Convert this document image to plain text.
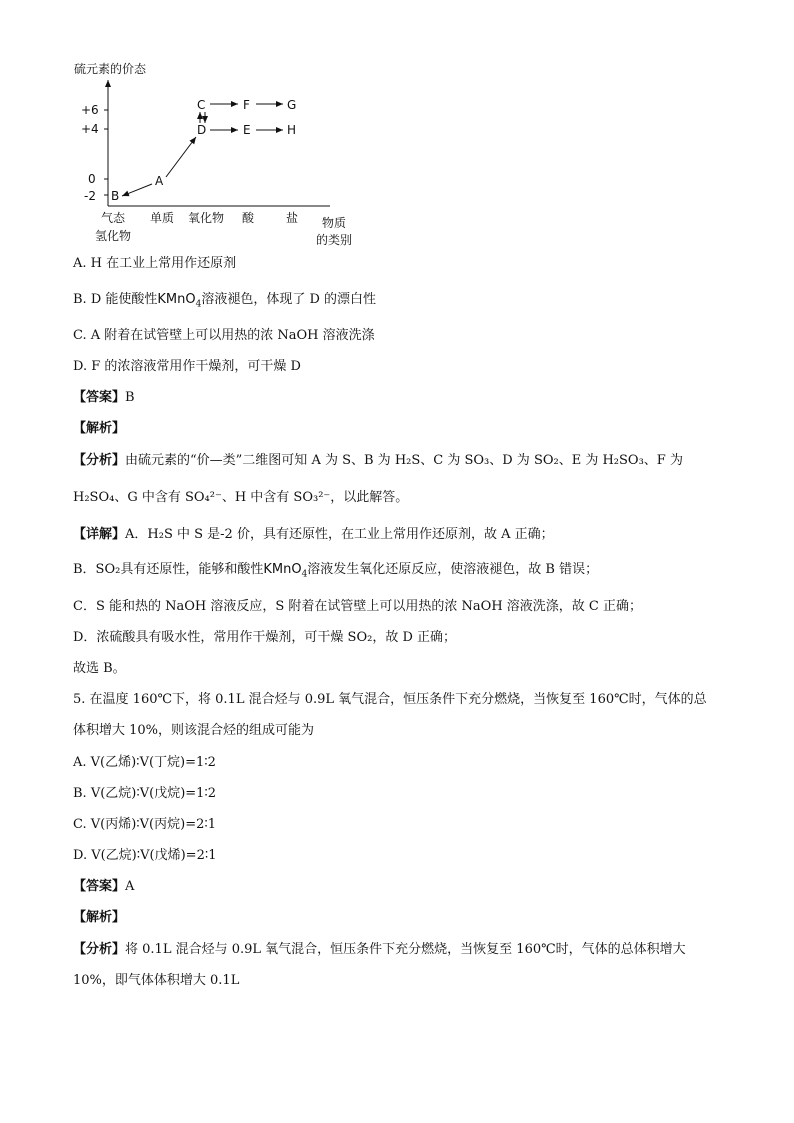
硫元素的价态
+6
+4
0
-2
气态
氢化物
单质 氧化物 酸	盐 物质
的类别
C	F	G
D	E	H
A
B
A. H 在工业上常用作还原剂
B. D 能使酸性KMnO$_4$溶液褪色，体现了 D 的漂白性
C. A 附着在试管壁上可以用热的浓 NaOH 溶液洗涤
D. F 的浓溶液常用作干燥剂，可干燥 D
【答案】B
【解析】
【分析】由硫元素的“价—类”二维图可知 A 为 S、B 为 H₂S、C 为 SO₃、D 为 SO₂、E 为 H₂SO₃、F 为
H₂SO₄、G 中含有 SO₄²⁻、H 中含有 SO₃²⁻，以此解答。
【详解】A．H₂S 中 S 是-2 价，具有还原性，在工业上常用作还原剂，故 A 正确；
B．SO₂具有还原性，能够和酸性KMnO$_4$溶液发生氧化还原反应，使溶液褪色，故 B 错误；
C．S 能和热的 NaOH 溶液反应，S 附着在试管壁上可以用热的浓 NaOH 溶液洗涤，故 C 正确；
D．浓硫酸具有吸水性，常用作干燥剂，可干燥 SO₂，故 D 正确；
故选 B。
5. 在温度 160℃下，将 0.1L 混合烃与 0.9L 氧气混合，恒压条件下充分燃烧，当恢复至 160℃时，气体的总
体积增大 10%，则该混合烃的组成可能为
A. V(乙烯)∶V(丁烷)=1∶2
B. V(乙烷)∶V(戊烷)=1∶2
C. V(丙烯)∶V(丙烷)=2∶1
D. V(乙烷)∶V(戊烯)=2∶1
【答案】A
【解析】
【分析】将 0.1L 混合烃与 0.9L 氧气混合，恒压条件下充分燃烧，当恢复至 160℃时，气体的总体积增大
10%，即气体体积增大 0.1L
